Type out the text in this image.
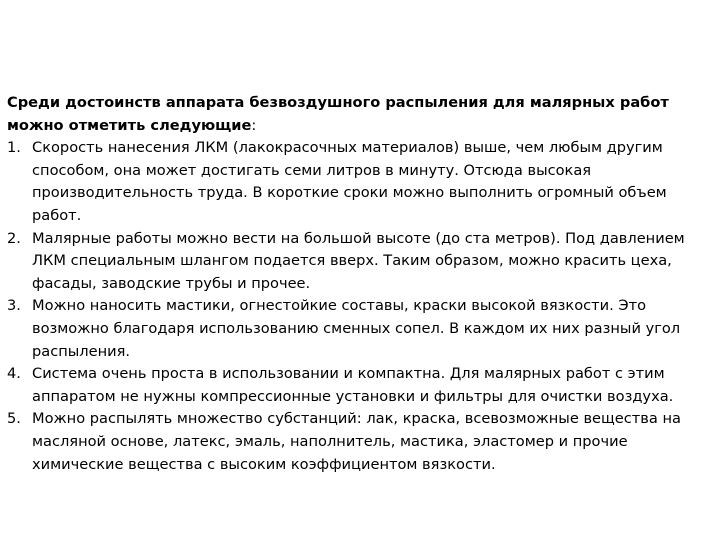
Среди достоинств аппарата безвоздушного распыления для малярных работ можно отметить следующие:

1. Скорость нанесения ЛКМ (лакокрасочных материалов) выше, чем любым другим способом, она может достигать семи литров в минуту. Отсюда высокая производительность труда. В короткие сроки можно выполнить огромный объем работ.
2. Малярные работы можно вести на большой высоте (до ста метров). Под давлением ЛКМ специальным шлангом подается вверх. Таким образом, можно красить цеха, фасады, заводские трубы и прочее.
3. Можно наносить мастики, огнестойкие составы, краски высокой вязкости. Это возможно благодаря использованию сменных сопел. В каждом их них разный угол распыления.
4. Система очень проста в использовании и компактна. Для малярных работ с этим аппаратом не нужны компрессионные установки и фильтры для очистки воздуха.
5. Можно распылять множество субстанций: лак, краска, всевозможные вещества на масляной основе, латекс, эмаль, наполнитель, мастика, эластомер и прочие химические вещества с высоким коэффициентом вязкости.
